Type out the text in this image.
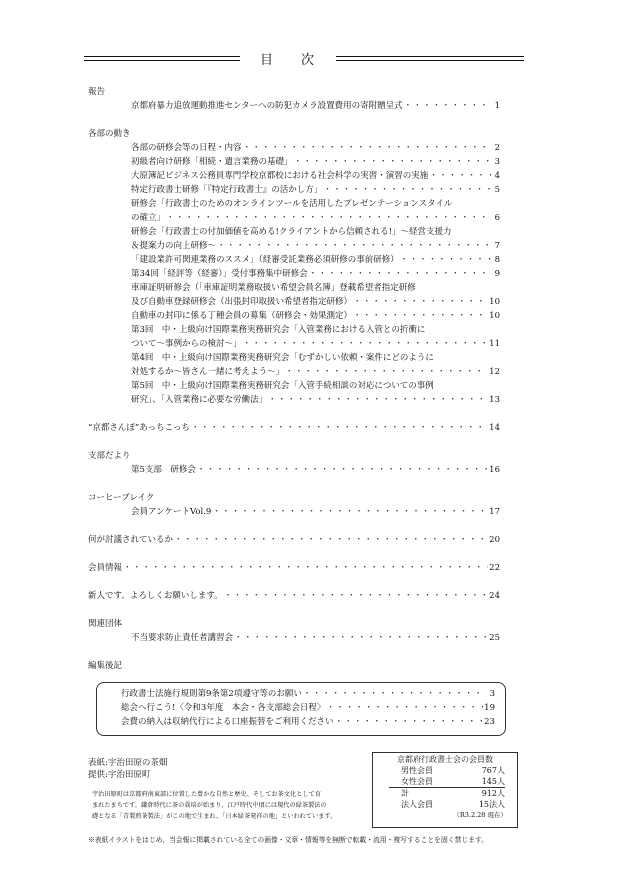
目次
報告
京都府暴力追放運動推進センターへの防犯カメラ設置費用の寄附贈呈式 ・・・・・・・・・・・・・・・・・・・・・・・・・・・・・・・・・・・・・・・・・・・・・・・・・・・・・・・・・・・・・・・・・・・・・・・・・・・・・・・・・・・・・・	1
各部の動き
各部の研修会等の日程・内容 ・・・・・・・・・・・・・・・・・・・・・・・・・・・・・・・・・・・・・・・・・・・・・・・・・・・・・・・・・・・・・・・・・・・・・・・・・・・・・・・・・・・・・・	2
初級者向け研修「相続・遺言業務の基礎」 ・・・・・・・・・・・・・・・・・・・・・・・・・・・・・・・・・・・・・・・・・・・・・・・・・・・・・・・・・・・・・・・・・・・・・・・・・・・・・・・・・・・・・・	3
大原簿記ビジネス公務員専門学校京都校における社会科学の実習・演習の実施 ・・・・・・・・・・・・・・・・・・・・・・・・・・・・・・・・・・・・・・・・・・・・・・・・・・・・・・・・・・・・・・・・・・・・・・・・・・・・・・・・・・・・・・	4
特定行政書士研修「『特定行政書士』の活かし方」 ・・・・・・・・・・・・・・・・・・・・・・・・・・・・・・・・・・・・・・・・・・・・・・・・・・・・・・・・・・・・・・・・・・・・・・・・・・・・・・・・・・・・・・	5
研修会「行政書士のためのオンラインツールを活用したプレゼンテーションスタイル
の確立」 ・・・・・・・・・・・・・・・・・・・・・・・・・・・・・・・・・・・・・・・・・・・・・・・・・・・・・・・・・・・・・・・・・・・・・・・・・・・・・・・・・・・・・・	6
研修会「行政書士の付加価値を高める!クライアントから信頼される!」～経営支援力
＆提案力の向上研修～ ・・・・・・・・・・・・・・・・・・・・・・・・・・・・・・・・・・・・・・・・・・・・・・・・・・・・・・・・・・・・・・・・・・・・・・・・・・・・・・・・・・・・・・	7
「建設業許可関連業務のススメ」（経審受託業務必須研修の事前研修） ・・・・・・・・・・・・・・・・・・・・・・・・・・・・・・・・・・・・・・・・・・・・・・・・・・・・・・・・・・・・・・・・・・・・・・・・・・・・・・・・・・・・・・	8
第34回「経評等（経審）」受付事務集中研修会 ・・・・・・・・・・・・・・・・・・・・・・・・・・・・・・・・・・・・・・・・・・・・・・・・・・・・・・・・・・・・・・・・・・・・・・・・・・・・・・・・・・・・・・	9
車庫証明研修会（「車庫証明業務取扱い希望会員名簿」登載希望者指定研修
及び自動車登録研修会（出張封印取扱い希望者指定研修） ・・・・・・・・・・・・・・・・・・・・・・・・・・・・・・・・・・・・・・・・・・・・・・・・・・・・・・・・・・・・・・・・・・・・・・・・・・・・・・・・・・・・・・	10
自動車の封印に係る丁種会員の募集（研修会・効果測定） ・・・・・・・・・・・・・・・・・・・・・・・・・・・・・・・・・・・・・・・・・・・・・・・・・・・・・・・・・・・・・・・・・・・・・・・・・・・・・・・・・・・・・・	10
第3回　中・上級向け国際業務実務研究会「入管業務における入管との折衝に
ついて～事例からの検討～」 ・・・・・・・・・・・・・・・・・・・・・・・・・・・・・・・・・・・・・・・・・・・・・・・・・・・・・・・・・・・・・・・・・・・・・・・・・・・・・・・・・・・・・・	11
第4回　中・上級向け国際業務実務研究会「むずかしい依頼・案件にどのように
対処するか～皆さん一緒に考えよう～」 ・・・・・・・・・・・・・・・・・・・・・・・・・・・・・・・・・・・・・・・・・・・・・・・・・・・・・・・・・・・・・・・・・・・・・・・・・・・・・・・・・・・・・・	12
第5回　中・上級向け国際業務実務研究会「入管手続相談の対応についての事例
研究」、「入管業務に必要な労働法」 ・・・・・・・・・・・・・・・・・・・・・・・・・・・・・・・・・・・・・・・・・・・・・・・・・・・・・・・・・・・・・・・・・・・・・・・・・・・・・・・・・・・・・・	13
“京都さんぽ”あっちこっち ・・・・・・・・・・・・・・・・・・・・・・・・・・・・・・・・・・・・・・・・・・・・・・・・・・・・・・・・・・・・・・・・・・・・・・・・・・・・・・・・・・・・・・	14
支部だより
第5支部　研修会 ・・・・・・・・・・・・・・・・・・・・・・・・・・・・・・・・・・・・・・・・・・・・・・・・・・・・・・・・・・・・・・・・・・・・・・・・・・・・・・・・・・・・・・	16
コーヒーブレイク
会員アンケートVol.9 ・・・・・・・・・・・・・・・・・・・・・・・・・・・・・・・・・・・・・・・・・・・・・・・・・・・・・・・・・・・・・・・・・・・・・・・・・・・・・・・・・・・・・・	17
何が討議されているか ・・・・・・・・・・・・・・・・・・・・・・・・・・・・・・・・・・・・・・・・・・・・・・・・・・・・・・・・・・・・・・・・・・・・・・・・・・・・・・・・・・・・・・	20
会員情報 ・・・・・・・・・・・・・・・・・・・・・・・・・・・・・・・・・・・・・・・・・・・・・・・・・・・・・・・・・・・・・・・・・・・・・・・・・・・・・・・・・・・・・・	22
新人です。よろしくお願いします。 ・・・・・・・・・・・・・・・・・・・・・・・・・・・・・・・・・・・・・・・・・・・・・・・・・・・・・・・・・・・・・・・・・・・・・・・・・・・・・・・・・・・・・・	24
関連団体
不当要求防止責任者講習会 ・・・・・・・・・・・・・・・・・・・・・・・・・・・・・・・・・・・・・・・・・・・・・・・・・・・・・・・・・・・・・・・・・・・・・・・・・・・・・・・・・・・・・・	25
編集後記
行政書士法施行規則第9条第2項遵守等のお願い ・・・・・・・・・・・・・・・・・・・・・・・・・・・・・・・・・・・・・・・・・・・・・・・・・・・・・・・・・・・・・・・・・・・・・・・・・・・・・・・・・・・・・・	3
総会へ行こう!〈令和3年度　本会・各支部総会日程〉 ・・・・・・・・・・・・・・・・・・・・・・・・・・・・・・・・・・・・・・・・・・・・・・・・・・・・・・・・・・・・・・・・・・・・・・・・・・・・・・・・・・・・・・	19
会費の納入は収納代行による口座振替をご利用ください ・・・・・・・・・・・・・・・・・・・・・・・・・・・・・・・・・・・・・・・・・・・・・・・・・・・・・・・・・・・・・・・・・・・・・・・・・・・・・・・・・・・・・・	23
表紙:宇治田原の茶畑
提供:宇治田原町
宇治田原町は京都府南東部に位置した豊かな自然と歴史、そしてお茶文化として育
まれたまちです。鎌倉時代に茶の栽培が始まり、江戸時代中頃には現代の緑茶製法の
礎となる「青製煎茶製法」がこの地で生まれ、「日本緑茶発祥の地」といわれています。
京都府行政書士会の会員数
男性会員	767人
女性会員	145人
計	912人
法人会員	15法人
（R3.2.28 現在）
※表紙イラストをはじめ、当会報に掲載されている全ての画像・文章・情報等を無断で転載・流用・複写することを固く禁じます。
